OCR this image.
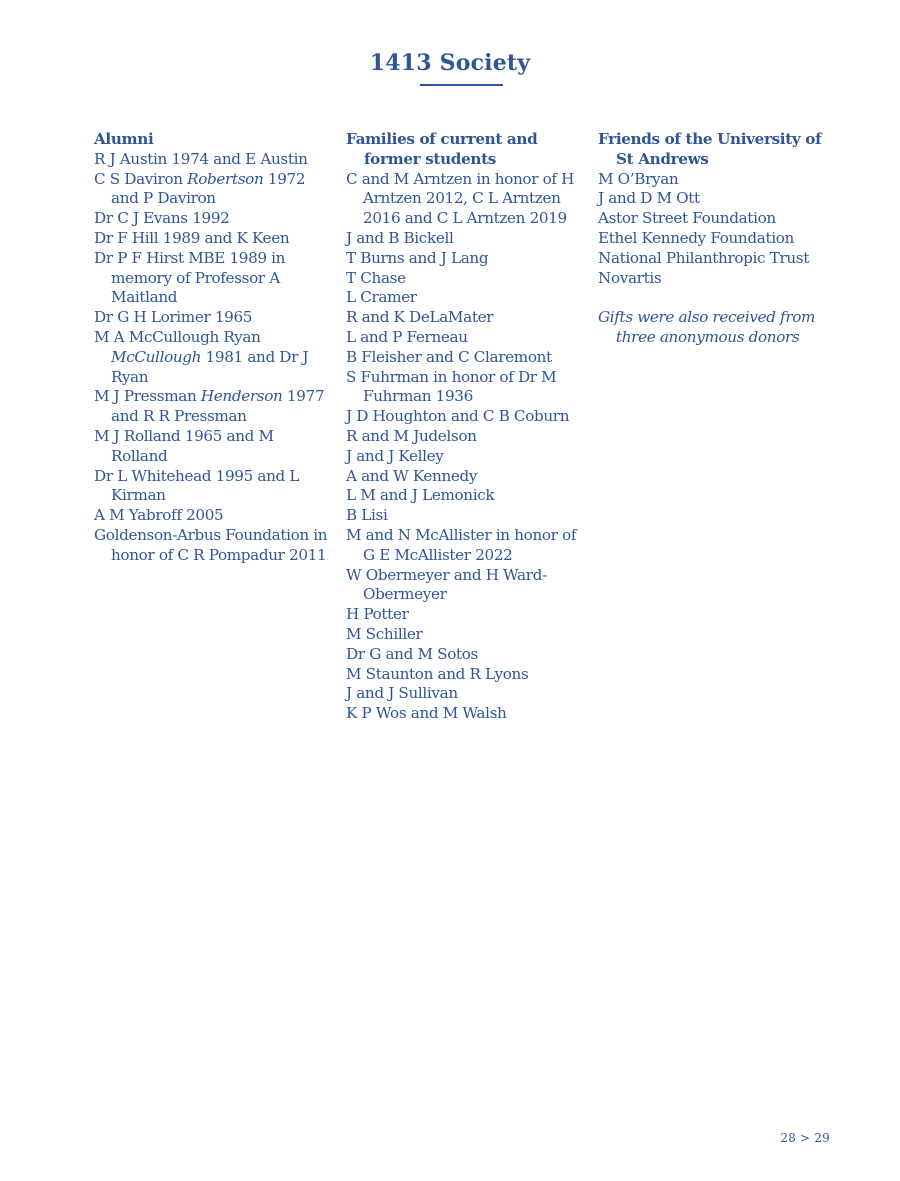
1413 Society

Alumni

R J Austin 1974 and E Austin

C S Daviron Robertson 1972 and P Daviron

Dr C J Evans 1992

Dr F Hill 1989 and K Keen

Dr P F Hirst MBE 1989 in memory of Professor A Maitland

Dr G H Lorimer 1965

M A McCullough Ryan McCullough 1981 and Dr J Ryan

M J Pressman Henderson 1977 and R R Pressman

M J Rolland 1965 and M Rolland

Dr L Whitehead 1995 and L Kirman

A M Yabroff 2005

Goldenson-Arbus Foundation in honor of C R Pompadur 2011

Families of current and former students

C and M Arntzen in honor of H Arntzen 2012, C L Arntzen 2016 and C L Arntzen 2019

J and B Bickell

T Burns and J Lang

T Chase

L Cramer

R and K DeLaMater

L and P Ferneau

B Fleisher and C Claremont

S Fuhrman in honor of Dr M Fuhrman 1936

J D Houghton and C B Coburn

R and M Judelson

J and J Kelley

A and W Kennedy

L M and J Lemonick

B Lisi

M and N McAllister in honor of G E McAllister 2022

W Obermeyer and H Ward-Obermeyer

H Potter

M Schiller

Dr G and M Sotos

M Staunton and R Lyons

J and J Sullivan

K P Wos and M Walsh

Friends of the University of St Andrews

M O’Bryan

J and D M Ott

Astor Street Foundation

Ethel Kennedy Foundation

National Philanthropic Trust

Novartis

Gifts were also received from three anonymous donors

28 > 29
